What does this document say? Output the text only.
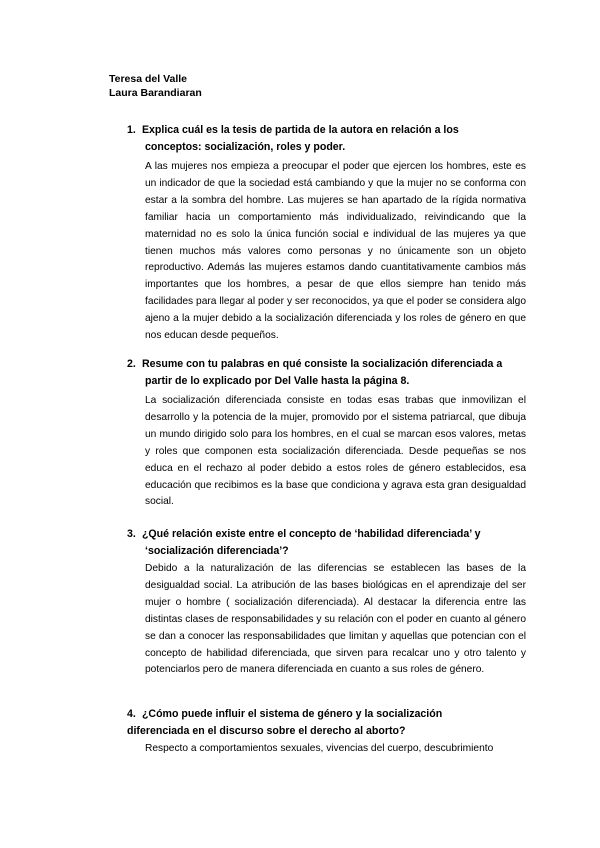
Teresa del Valle
Laura Barandiaran
1. Explica cuál es la tesis de partida de la autora en relación a los
conceptos: socialización, roles y poder.

A las mujeres nos empieza a preocupar el poder que ejercen los hombres, este es un indicador de que la sociedad está cambiando y que la mujer no se conforma con estar a la sombra del hombre. Las mujeres se han apartado de la rígida normativa familiar hacia un comportamiento más individualizado, reivindicando que la maternidad no es solo la única función social e individual de las mujeres ya que tienen muchos más valores como personas y no únicamente son un objeto reproductivo. Además las mujeres estamos dando cuantitativamente cambios más importantes que los hombres, a pesar de que ellos siempre han tenido más facilidades para llegar al poder y ser reconocidos, ya que el poder se considera algo ajeno a la mujer debido a la socialización diferenciada y los roles de género en que nos educan desde pequeños.

2. Resume con tu palabras en qué consiste la socialización diferenciada a
partir de lo explicado por Del Valle hasta la página 8.

La socialización diferenciada consiste en todas esas trabas que inmovilizan el desarrollo y la potencia de la mujer, promovido por el sistema patriarcal, que dibuja un mundo dirigido solo para los hombres, en el cual se marcan esos valores, metas y roles que componen esta socialización diferenciada. Desde pequeñas se nos educa en el rechazo al poder debido a estos roles de género establecidos, esa educación que recibimos es la base que condiciona y agrava esta gran desigualdad social.

3. ¿Qué relación existe entre el concepto de ‘habilidad diferenciada’ y
‘socialización diferenciada’?

Debido a la naturalización de las diferencias se establecen las bases de la desigualdad social. La atribución de las bases biológicas en el aprendizaje del ser mujer o hombre ( socialización diferenciada). Al destacar la diferencia entre las distintas clases de responsabilidades y su relación con el poder en cuanto al género se dan a conocer las responsabilidades que limitan y aquellas que potencian con el concepto de habilidad diferenciada, que sirven para recalcar uno y otro talento y potenciarlos pero de manera diferenciada en cuanto a sus roles de género.

4. ¿Cómo puede influir el sistema de género y la socialización
diferenciada en el discurso sobre el derecho al aborto?

Respecto a comportamientos sexuales, vivencias del cuerpo, descubrimiento
